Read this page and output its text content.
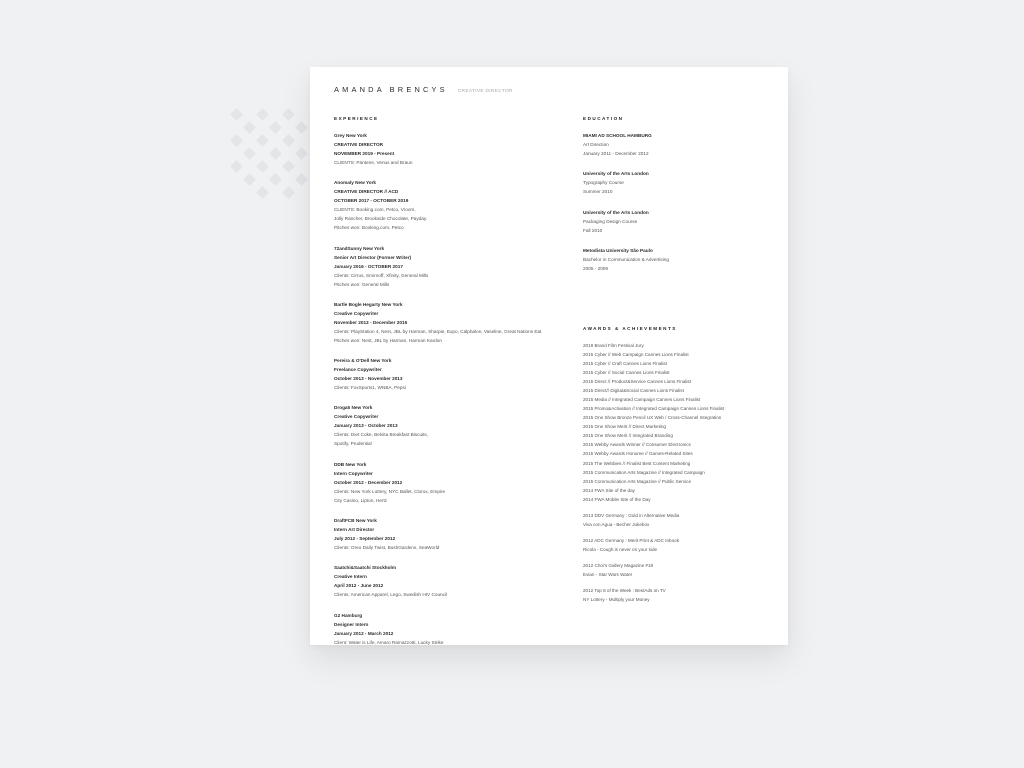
AMANDA BRENCYS CREATIVE DIRECTOR
EXPERIENCE
Grey New York
CREATIVE DIRECTOR
NOVEMBER 2019 - Present
CLIENTS: Pantene, Venus and Braun
Anomaly New York
CREATIVE DIRECTOR // ACD
OCTOBER 2017 - OCTOBER 2019
CLIENTS: Booking.com, Petco, Vroom,
Jolly Rancher, Brookside Chocolate, Payday.
Pitches won: Booking.com, Petco
72andSunny New York
Senior Art Director (Former Writer)
January 2016 - OCTOBER 2017
Clients: Cirrus, Smirnoff, Xfinity, General Mills
Pitches won: General Mills
Bartle Bogle Hegarty New York
Creative Copywriter
November 2013 - December 2015
Clients: PlayStation 4, Nest, JBL by Harman, Sharpie, Expo, Calphalon, Vaseline, Great Nations Eat
Pitches won: Nest, JBL by Harman, Harman Kardon
Pereira & O'Dell New York
Freelance Copywriter
October 2013 - November 2013
Clients: FoxSports1, WNBA, Pepsi
Droga5 New York
Creative Copywriter
January 2013 - October 2013
Clients: Diet Coke, Belvita Breakfast Biscuits,
Spotify, Prudential
DDB New York
Intern Copywriter
October 2012 - December 2012
Clients: New York Lottery, NYC Ballet, Clorox, Empire
City Casino, Lipton, Hertz
DraftFCB New York
Intern Art Director
July 2012 - September 2012
Clients: Oreo Daily Twist, BushGardens, SeaWorld
Saatchi&Saatchi Stockholm
Creative Intern
April 2012 - June 2012
Clients: American Apparel, Lego, Swedish HIV Council
G2 Hamburg
Designer Intern
January 2012 - March 2012
Client: Water is Life, Amaro Ramazzotti, Lucky Strike
EDUCATION
MIAMI AD SCHOOL HAMBURG
Art Direction
January 2011 - December 2012
University of the Arts London
Typography Course
Summer 2010
University of the Arts London
Packaging Design Course
Fall 2010
Metodista University São Paulo
Bachelor in Communication & Advertising
2005 - 2009
AWARDS & ACHIEVEMENTS
2019 Brand Film Festival Jury
2015 Cyber // Web Campaign Cannes Lions Finalist
2015 Cyber // Craft Cannes Lions Finalist
2015 Cyber // Social Cannes Lions Finalist
2015 Direct // Product&Service Cannes Lions Finalist
2015 Direct// Digital&Social Cannes Lions Finalist
2015 Media // Integrated Campaign Cannes Lions Finalist
2015 Promo&Activation // Integrated Campaign Cannes Lions Finalist
2015 One Show Bronze Pencil UX Web / Cross-Channel Integration
2015 One Show Merit // Direct Marketing
2015 One Show Merit // Integrated Branding
2015 Webby Awards Winner // Consumer Electronics
2015 Webby Awards Honoree // Games-Related Sites
2015 The Webbies // Finalist Best Content Marketing
2015 Communication Arts Magazine // Integrated Campaign
2015 Communication Arts Magazine // Public Service
2014 FWA Site of the day
2014 FWA Mobile Site of the Day
2013 DDV Germany : Gold in Alternative Media
Viva con Agua - Becher Jukebox
2012 ADC Germany : Merit Print & ADC Inbook
Ricola - Cough is never on your side
2012 Choi's Gallery Magazine #18
Evian - Star Wars Water
2012 Top 8 of the Week : BestAds on TV
NY Lottery - Multiply your Money
